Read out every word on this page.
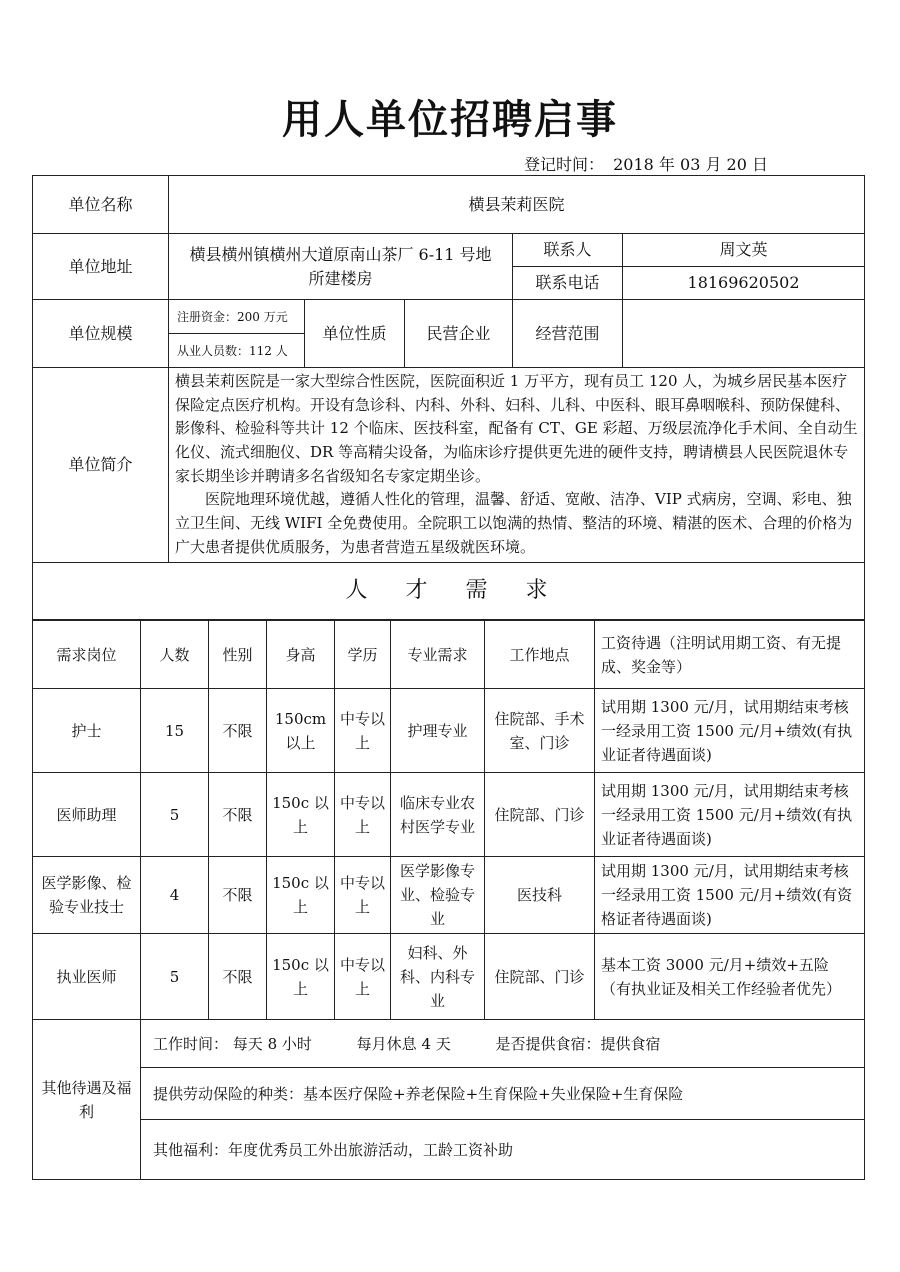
用人单位招聘启事
登记时间： 2018 年 03 月 20 日
单位名称	横县茉莉医院				
单位地址	横县横州镇横州大道原南山茶厂 6-11 号地所建楼房			联系人	周文英
				联系电话	18169620502
单位规模	注册资金：200 万元	单位性质	民营企业	经营范围	
	从业人员数：112 人				
单位简介	横县茉莉医院是一家大型综合性医院，医院面积近 1 万平方，现有员工 120 人，为城乡居民基本医疗保险定点医疗机构。开设有急诊科、内科、外科、妇科、儿科、中医科、眼耳鼻咽喉科、预防保健科、影像科、检验科等共计 12 个临床、医技科室，配备有 CT、GE 彩超、万级层流净化手术间、全自动生化仪、流式细胞仪、DR 等高精尖设备，为临床诊疗提供更先进的硬件支持，聘请横县人民医院退休专家长期坐诊并聘请多名省级知名专家定期坐诊。

医院地理环境优越，遵循人性化的管理，温馨、舒适、宽敞、洁净、VIP 式病房，空调、彩电、独立卫生间、无线 WIFI 全免费使用。全院职工以饱满的热情、整洁的环境、精湛的医术、合理的价格为广大患者提供优质服务，为患者营造五星级就医环境。				

人才需求					
需求岗位	人数	性别	身高	学历	专业需求	工作地点	工资待遇（注明试用期工资、有无提成、奖金等）
护士	15	不限	150cm 以上	中专以上	护理专业	住院部、手术室、门诊	试用期 1300 元/月，试用期结束考核一经录用工资 1500 元/月+绩效(有执业证者待遇面谈)
医师助理	5	不限	150c 以上	中专以上	临床专业农村医学专业	住院部、门诊	试用期 1300 元/月，试用期结束考核一经录用工资 1500 元/月+绩效(有执业证者待遇面谈)
医学影像、检验专业技士	4	不限	150c 以上	中专以上	医学影像专业、检验专业	医技科	试用期 1300 元/月，试用期结束考核一经录用工资 1500 元/月+绩效(有资格证者待遇面谈)
执业医师	5	不限	150c 以上	中专以上	妇科、外科、内科专业	住院部、门诊	基本工资 3000 元/月+绩效+五险（有执业证及相关工作经验者优先）
其他待遇及福利	工作时间： 每天 8 小时 每月休息 4 天 是否提供食宿：提供食宿						
	提供劳动保险的种类：基本医疗保险+养老保险+生育保险+失业保险+生育保险						
	其他福利：年度优秀员工外出旅游活动，工龄工资补助						
